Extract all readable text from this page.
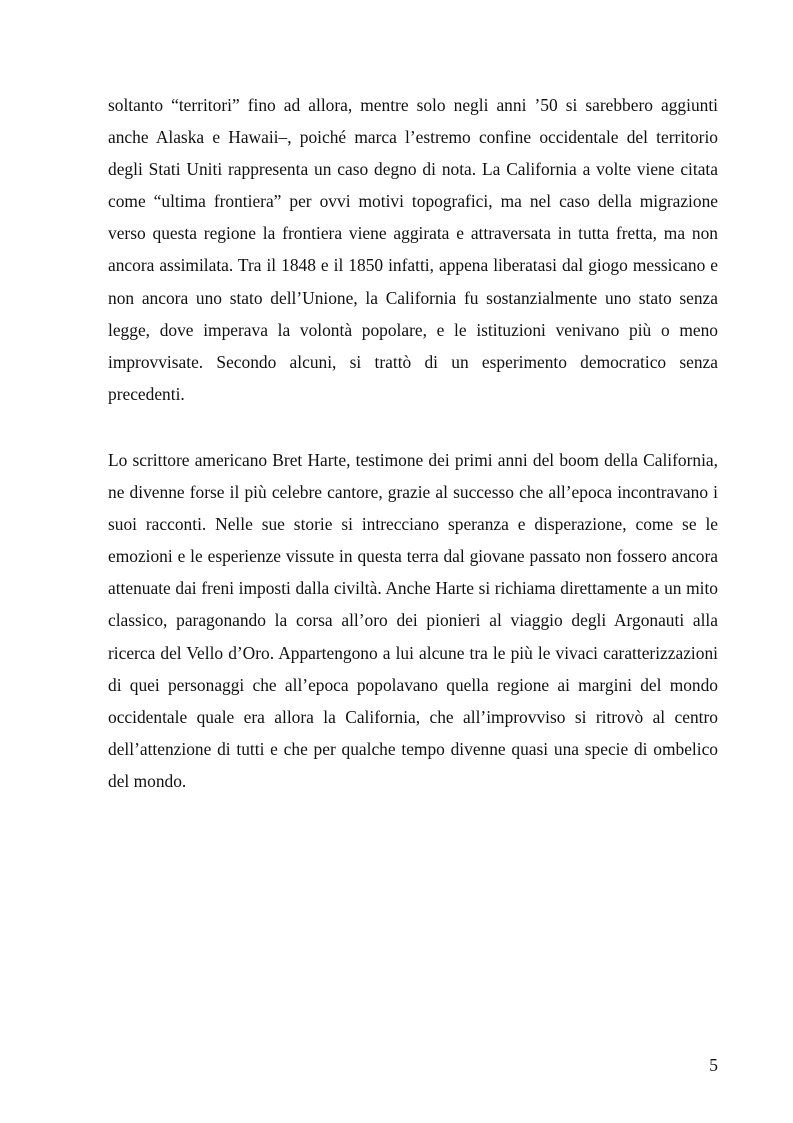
soltanto “territori” fino ad allora, mentre solo negli anni ’50 si sarebbero aggiunti anche Alaska e Hawaii–, poiché marca l’estremo confine occidentale del territorio degli Stati Uniti rappresenta un caso degno di nota. La California a volte viene citata come “ultima frontiera” per ovvi motivi topografici, ma nel caso della migrazione verso questa regione la frontiera viene aggirata e attraversata in tutta fretta, ma non ancora assimilata. Tra il 1848 e il 1850 infatti, appena liberatasi dal giogo messicano e non ancora uno stato dell’Unione, la California fu sostanzialmente uno stato senza legge, dove imperava la volontà popolare, e le istituzioni venivano più o meno improvvisate. Secondo alcuni, si trattò di un esperimento democratico senza precedenti.

Lo scrittore americano Bret Harte, testimone dei primi anni del boom della California, ne divenne forse il più celebre cantore, grazie al successo che all’epoca incontravano i suoi racconti. Nelle sue storie si intrecciano speranza e disperazione, come se le emozioni e le esperienze vissute in questa terra dal giovane passato non fossero ancora attenuate dai freni imposti dalla civiltà. Anche Harte si richiama direttamente a un mito classico, paragonando la corsa all’oro dei pionieri al viaggio degli Argonauti alla ricerca del Vello d’Oro. Appartengono a lui alcune tra le più le vivaci caratterizzazioni di quei personaggi che all’epoca popolavano quella regione ai margini del mondo occidentale quale era allora la California, che all’improvviso si ritrovò al centro dell’attenzione di tutti e che per qualche tempo divenne quasi una specie di ombelico del mondo.

5
